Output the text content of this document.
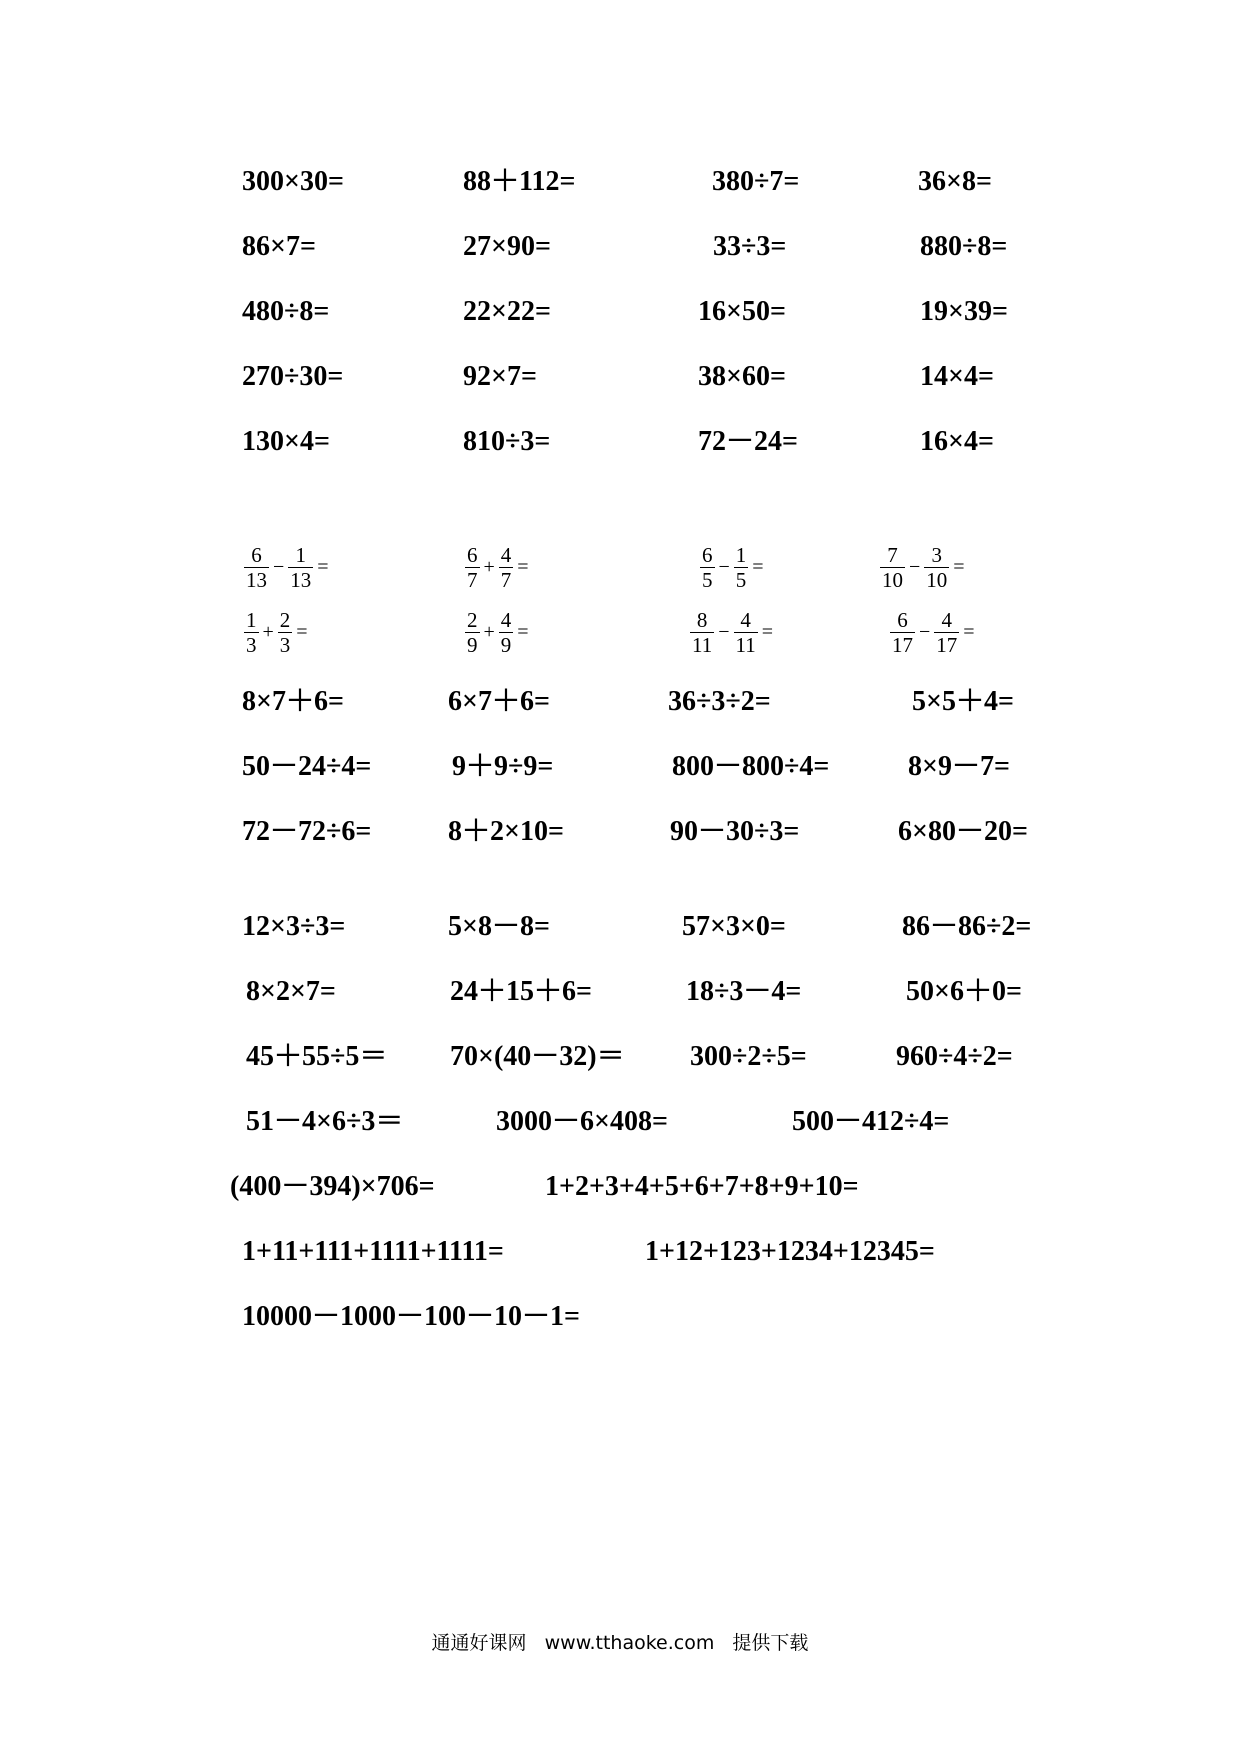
300×30=	88＋112=	380÷7=	36×8=
86×7=	27×90=	33÷3=	880÷8=
480÷8=	22×22=	16×50=	19×39=
270÷30=	92×7=	38×60=	14×4=
130×4=	810÷3=	72－24=	16×4=
$\frac{6}{13} - \frac{1}{13}$ =	$\frac{6}{7} + \frac{4}{7}$ =	$\frac{6}{5} - \frac{1}{5}$ =	$\frac{7}{10} - \frac{3}{10}$ =
$\frac{1}{3} + \frac{2}{3}$ =	$\frac{2}{9} + \frac{4}{9}$ =	$\frac{8}{11} - \frac{4}{11}$ =	$\frac{6}{17} - \frac{4}{17}$ =
8×7＋6=	6×7＋6=	36÷3÷2=	5×5＋4=
50－24÷4=	9＋9÷9=	800－800÷4=	8×9－7=
72－72÷6=	8＋2×10=	90－30÷3=	6×80－20=
12×3÷3=	5×8－8=	57×3×0=	86－86÷2=
8×2×7=	24＋15＋6=	18÷3－4=	50×6＋0=
45＋55÷5＝ 70×(40－32)＝ 300÷2÷5=	960÷4÷2=
51－4×6÷3＝	3000－6×408=	500－412÷4=
(400－394)×706=	1+2+3+4+5+6+7+8+9+10=
1+11+111+1111+1111=	1+12+123+1234+12345=
10000－1000－100－10－1=
通通好课网 www.tthaoke.com 提供下载
